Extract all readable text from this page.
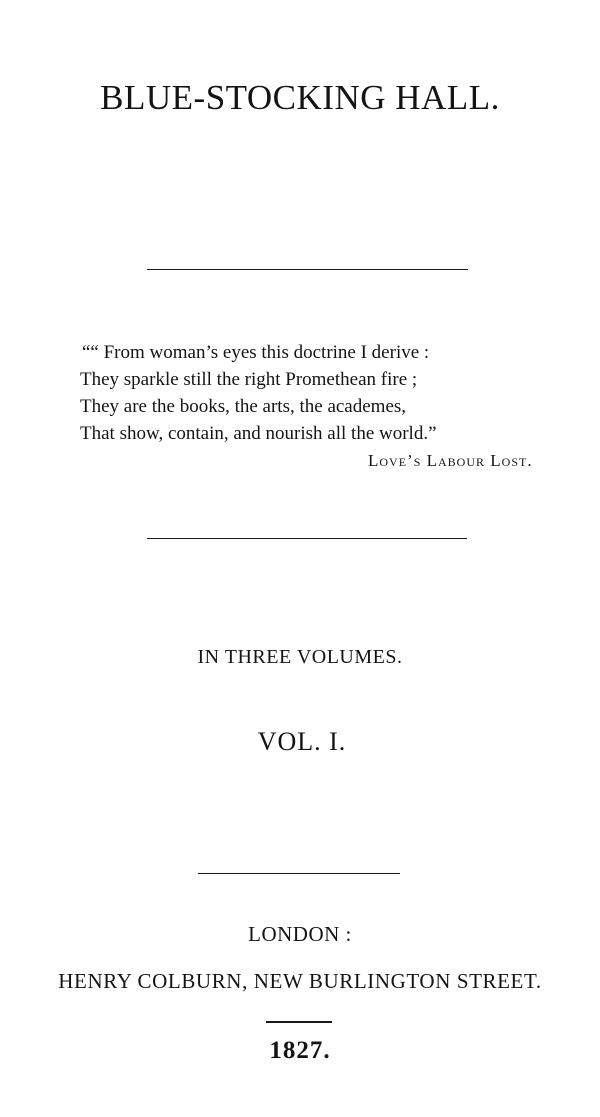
BLUE-STOCKING HALL.
““ From woman’s eyes this doctrine I derive :
They sparkle still the right Promethean fire ;
They are the books, the arts, the academes,
That show, contain, and nourish all the world.”
Love’s Labour Lost.
IN THREE VOLUMES.
VOL. I.
LONDON :
HENRY COLBURN, NEW BURLINGTON STREET.
1827.
